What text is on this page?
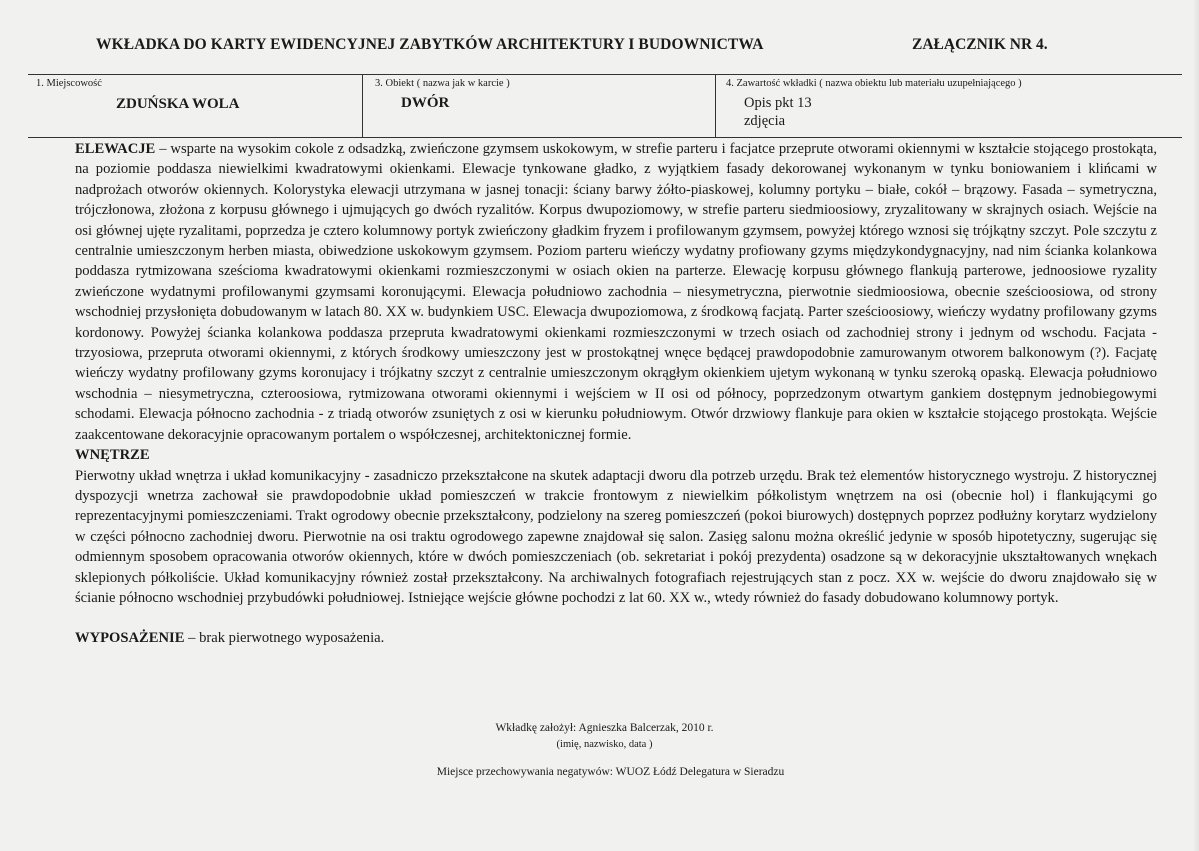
WKŁADKA DO KARTY EWIDENCYJNEJ ZABYTKÓW ARCHITEKTURY I BUDOWNICTWA	ZAŁĄCZNIK NR 4.
1. Miejscowość
ZDUŃSKA WOLA
3. Obiekt ( nazwa jak w karcie )
DWÓR
4. Zawartość wkładki ( nazwa obiektu lub materiału uzupełniającego )
Opis pkt 13
zdjęcia

ELEWACJE – wsparte na wysokim cokole z odsadzką, zwieńczone gzymsem uskokowym, w strefie parteru i facjatce przeprute otworami okiennymi w kształcie stojącego prostokąta, na poziomie poddasza niewielkimi kwadratowymi okienkami. Elewacje tynkowane gładko, z wyjątkiem fasady dekorowanej wykonanym w tynku boniowaniem i klińcami w nadprożach otworów okiennych. Kolorystyka elewacji utrzymana w jasnej tonacji: ściany barwy żółto-piaskowej, kolumny portyku – białe, cokół – brązowy. Fasada – symetryczna, trójczłonowa, złożona z korpusu głównego i ujmujących go dwóch ryzalitów. Korpus dwupoziomowy, w strefie parteru siedmioosiowy, zryzalitowany w skrajnych osiach. Wejście na osi głównej ujęte ryzalitami, poprzedza je cztero kolumnowy portyk zwieńczony gładkim fryzem i profilowanym gzymsem, powyżej którego wznosi się trójkątny szczyt. Pole szczytu z centralnie umieszczonym herben miasta, obiwedzione uskokowym gzymsem. Poziom parteru wieńczy wydatny profiowany gzyms międzykondygnacyjny, nad nim ścianka kolankowa poddasza rytmizowana sześcioma kwadratowymi okienkami rozmieszczonymi w osiach okien na parterze. Elewację korpusu głównego flankują parterowe, jednoosiowe ryzality zwieńczone wydatnymi profilowanymi gzymsami koronującymi. Elewacja południowo zachodnia – niesymetryczna, pierwotnie siedmioosiowa, obecnie sześcioosiowa, od strony wschodniej przysłonięta dobudowanym w latach 80. XX w. budynkiem USC. Elewacja dwupoziomowa, z środkową facjatą. Parter sześcioosiowy, wieńczy wydatny profilowany gzyms kordonowy. Powyżej ścianka kolankowa poddasza przepruta kwadratowymi okienkami rozmieszczonymi w trzech osiach od zachodniej strony i jednym od wschodu. Facjata - trzyosiowa, przepruta otworami okiennymi, z których środkowy umieszczony jest w prostokątnej wnęce będącej prawdopodobnie zamurowanym otworem balkonowym (?). Facjatę wieńczy wydatny profilowany gzyms koronujacy i trójkatny szczyt z centralnie umieszczonym okrągłym okienkiem ujetym wykonaną w tynku szeroką opaską. Elewacja południowo wschodnia – niesymetryczna, czteroosiowa, rytmizowana otworami okiennymi i wejściem w II osi od północy, poprzedzonym otwartym gankiem dostępnym jednobiegowymi schodami. Elewacja północno zachodnia - z triadą otworów zsuniętych z osi w kierunku południowym. Otwór drzwiowy flankuje para okien w kształcie stojącego prostokąta. Wejście zaakcentowane dekoracyjnie opracowanym portalem o współczesnej, architektonicznej formie.

WNĘTRZE

Pierwotny układ wnętrza i układ komunikacyjny - zasadniczo przekształcone na skutek adaptacji dworu dla potrzeb urzędu. Brak też elementów historycznego wystroju. Z historycznej dyspozycji wnetrza zachował sie prawdopodobnie układ pomieszczeń w trakcie frontowym z niewielkim półkolistym wnętrzem na osi (obecnie hol) i flankującymi go reprezentacyjnymi pomieszczeniami. Trakt ogrodowy obecnie przekształcony, podzielony na szereg pomieszczeń (pokoi biurowych) dostępnych poprzez podłużny korytarz wydzielony w części północno zachodniej dworu. Pierwotnie na osi traktu ogrodowego zapewne znajdował się salon. Zasięg salonu można określić jedynie w sposób hipotetyczny, sugerując się odmiennym sposobem opracowania otworów okiennych, które w dwóch pomieszczeniach (ob. sekretariat i pokój prezydenta) osadzone są w dekoracyjnie ukształtowanych wnękach sklepionych półkoliście. Układ komunikacyjny również został przekształcony. Na archiwalnych fotografiach rejestrujących stan z pocz. XX w. wejście do dworu znajdowało się w ścianie północno wschodniej przybudówki południowej. Istniejące wejście główne pochodzi z lat 60. XX w., wtedy również do fasady dobudowano kolumnowy portyk.

WYPOSAŻENIE – brak pierwotnego wyposażenia.

Wkładkę założył: Agnieszka Balcerzak, 2010 r.
(imię, nazwisko, data )
Miejsce przechowywania negatywów: WUOZ Łódź Delegatura w Sieradzu
